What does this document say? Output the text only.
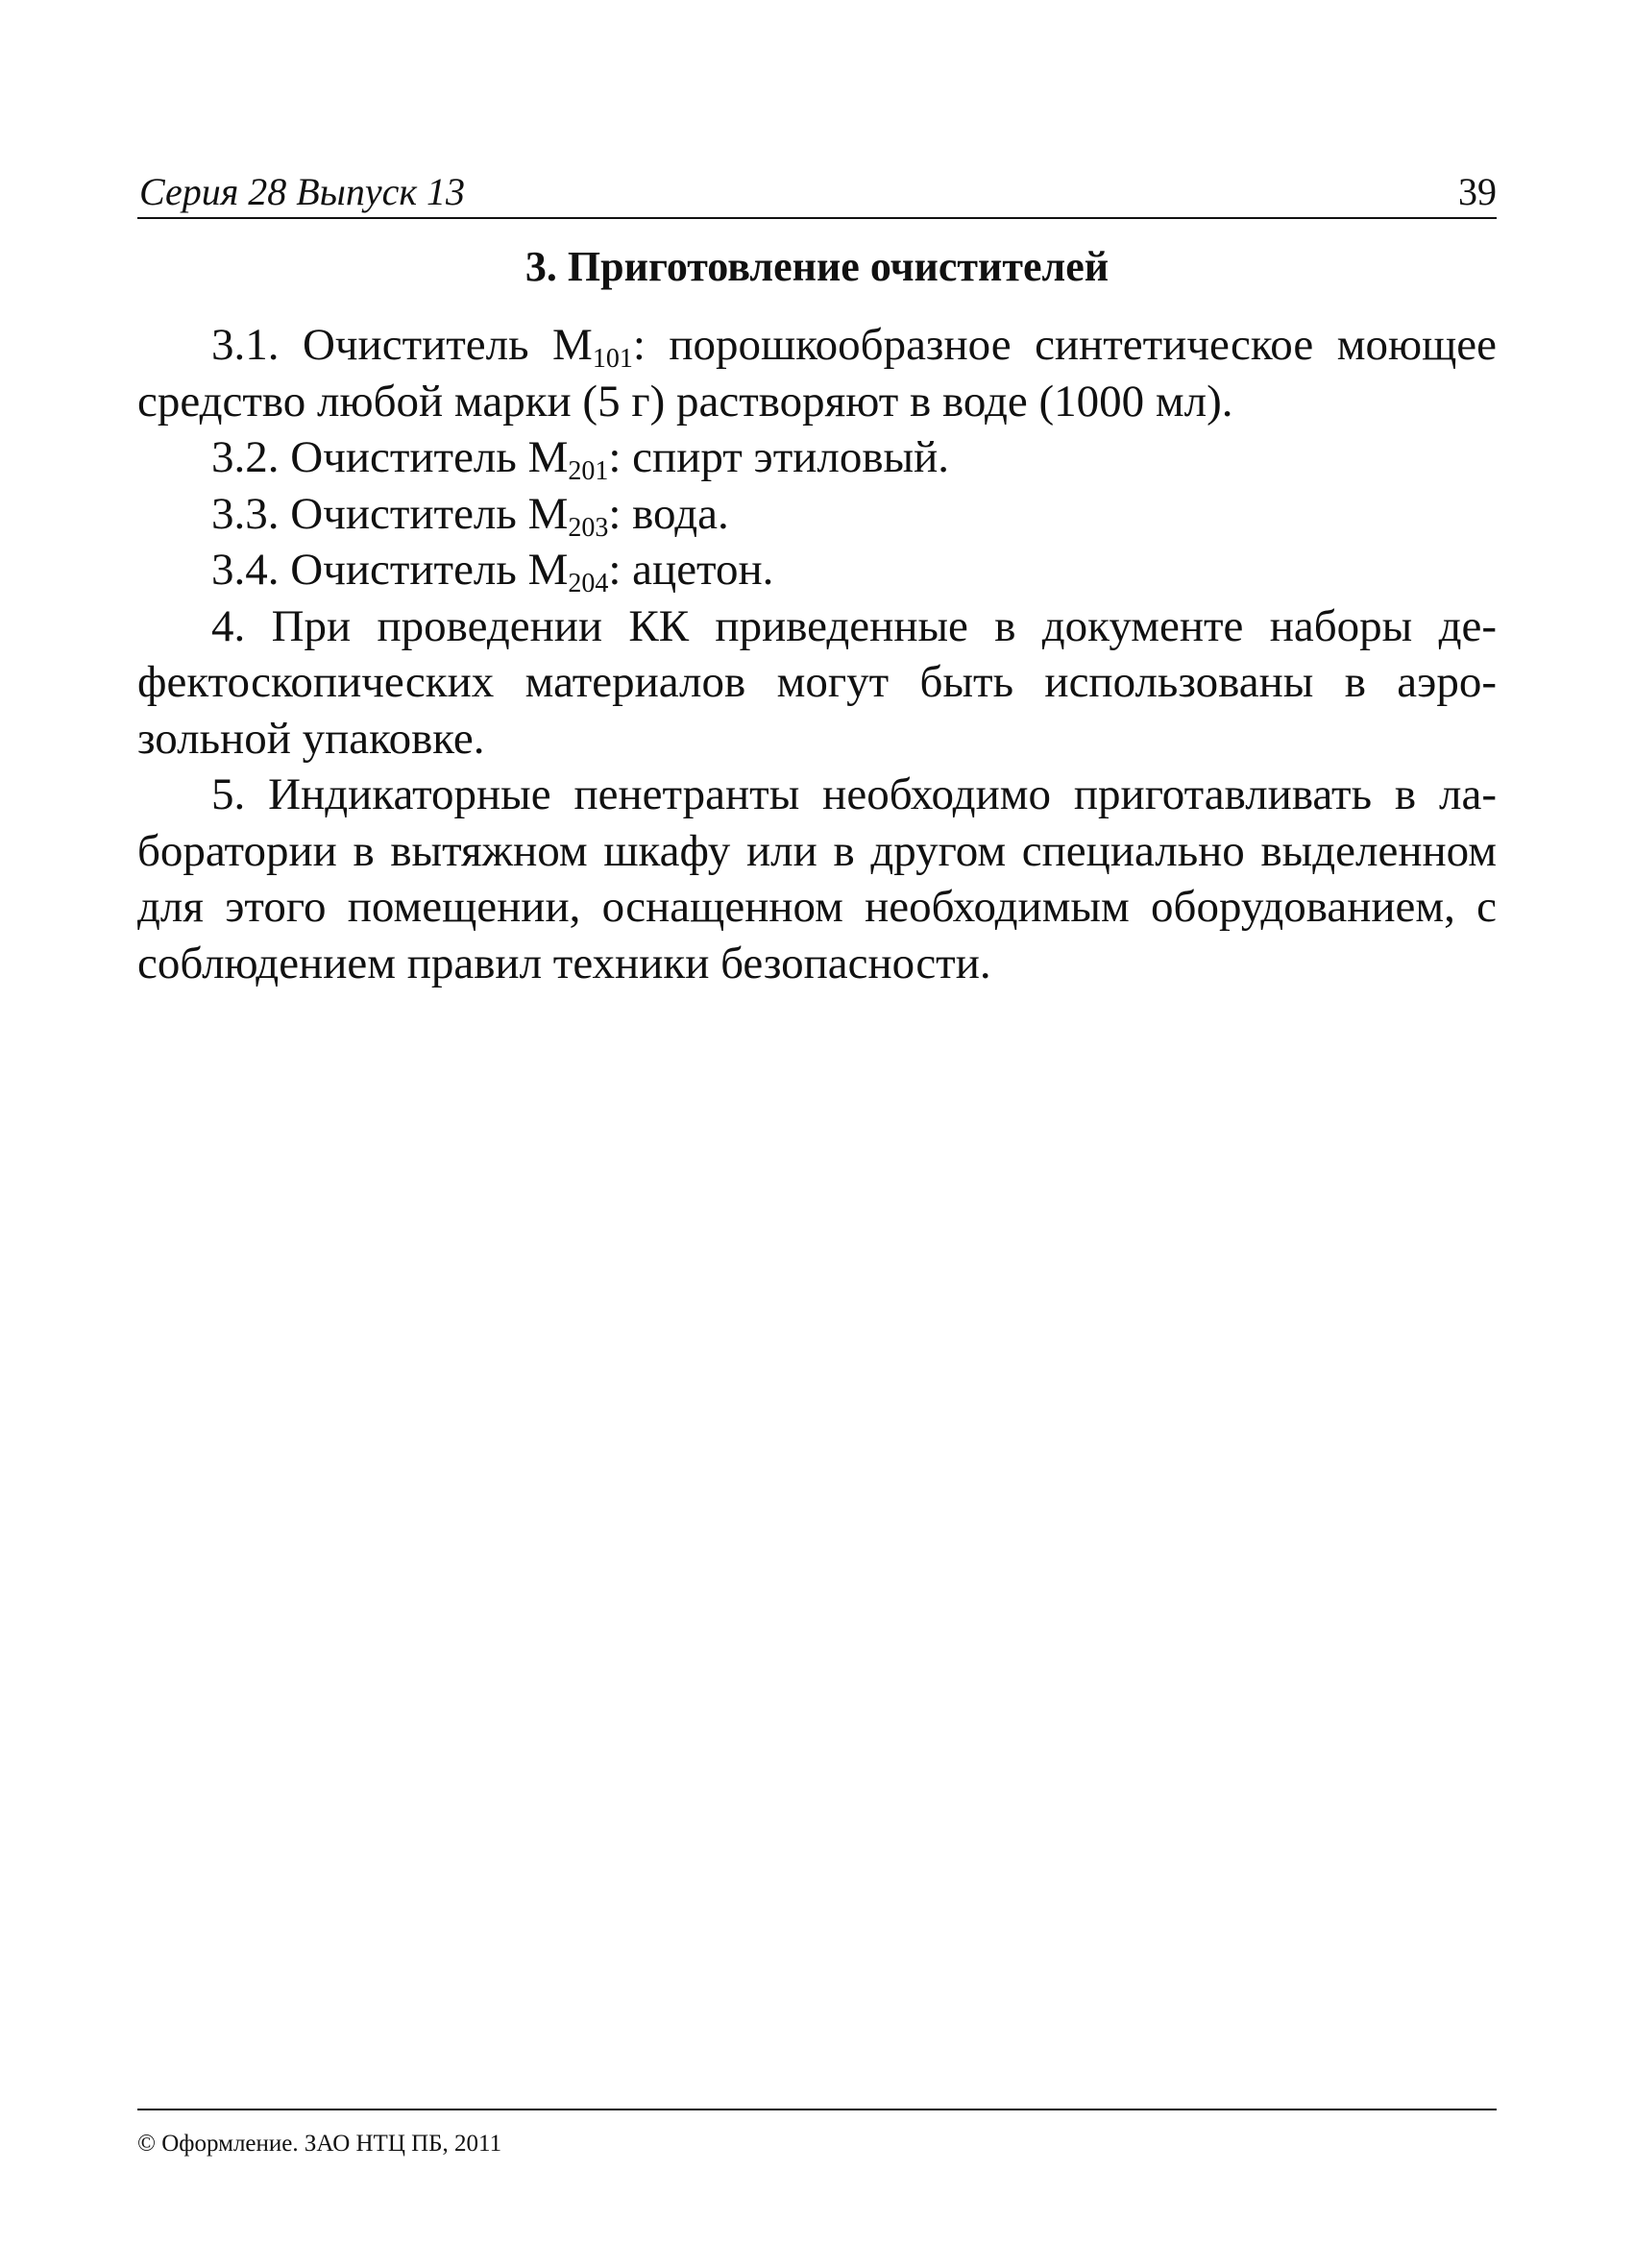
Серия 28 Выпуск 13	39
3. Приготовление очистителей

3.1. Очиститель $М_{101}$: порошкообразное синтетическое моющее средство любой марки (5 г) растворяют в воде (1000 мл).

3.2. Очиститель $М_{201}$: спирт этиловый.

3.3. Очиститель $М_{203}$: вода.

3.4. Очиститель $М_{204}$: ацетон.

4. При проведении КК приведенные в документе наборы дефектоскопических материалов могут быть использованы в аэрозольной упаковке.

5. Индикаторные пенетранты необходимо приготавливать в лаборатории в вытяжном шкафу или в другом специально выделенном для этого помещении, оснащенном необходимым оборудованием, с соблюдением правил техники безопасности.

© Оформление. ЗАО НТЦ ПБ, 2011
